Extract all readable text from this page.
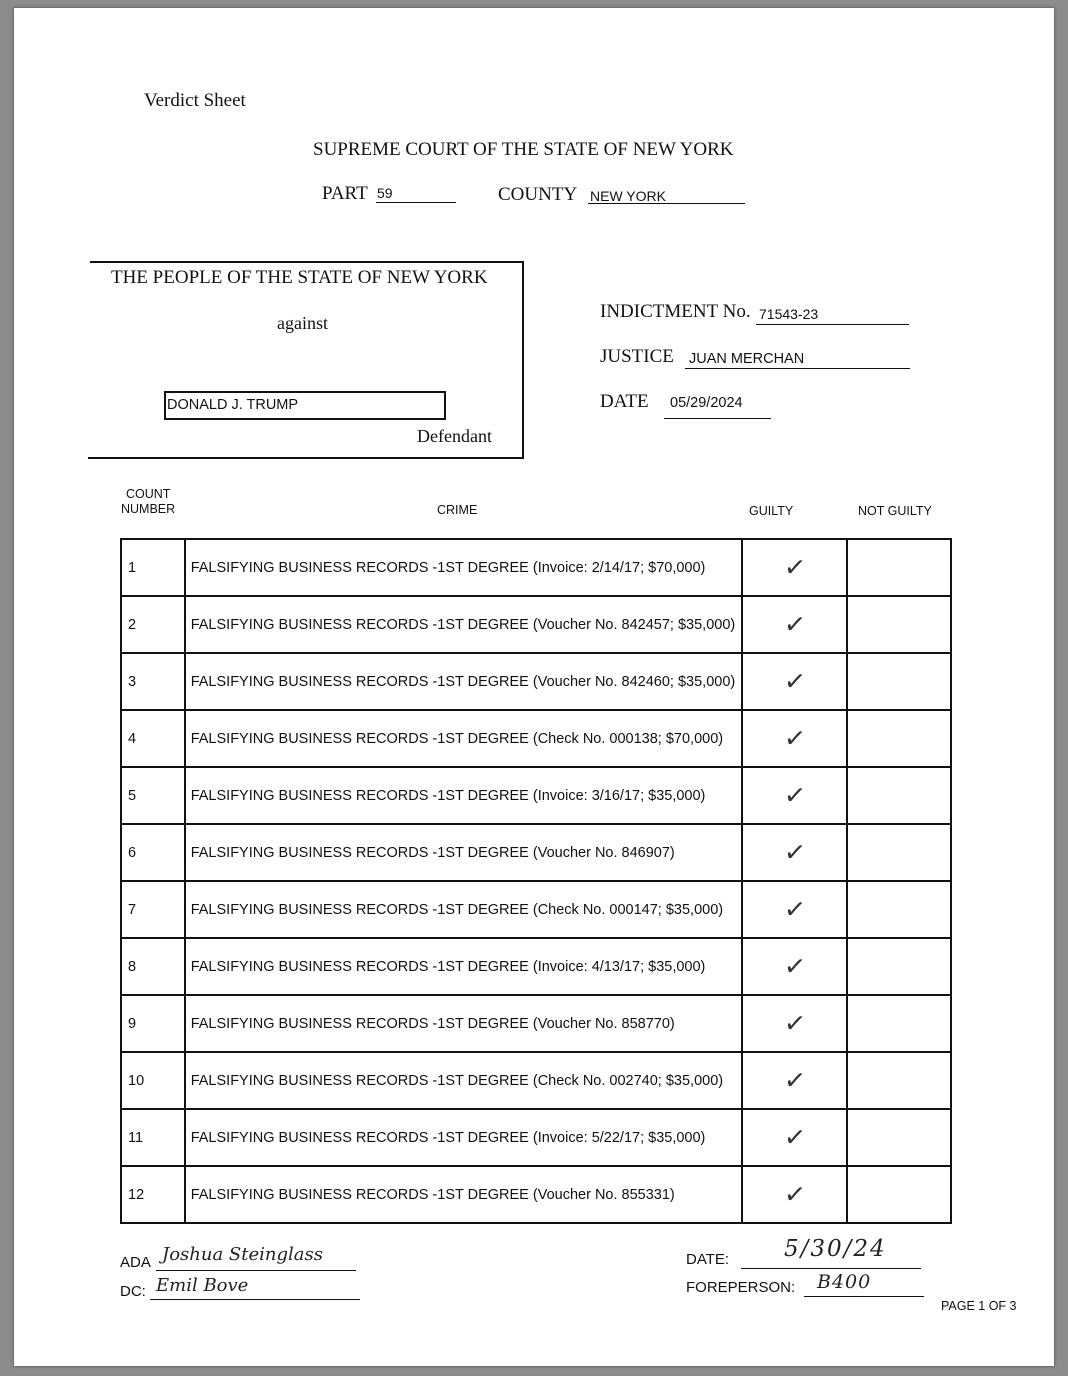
Verdict Sheet
SUPREME COURT OF THE STATE OF NEW YORK
PART 59	COUNTY NEW YORK
THE PEOPLE OF THE STATE OF NEW YORK
against
DONALD J. TRUMP
Defendant
INDICTMENT No. 71543-23
JUSTICE JUAN MERCHAN
DATE 05/29/2024
COUNT
NUMBER	CRIME	GUILTY	NOT GUILTY
1	FALSIFYING BUSINESS RECORDS -1ST DEGREE (Invoice: 2/14/17; $70,000)	✓	
2	FALSIFYING BUSINESS RECORDS -1ST DEGREE (Voucher No. 842457; $35,000)	✓	
3	FALSIFYING BUSINESS RECORDS -1ST DEGREE (Voucher No. 842460; $35,000)	✓	
4	FALSIFYING BUSINESS RECORDS -1ST DEGREE (Check No. 000138; $70,000)	✓	
5	FALSIFYING BUSINESS RECORDS -1ST DEGREE (Invoice: 3/16/17; $35,000)	✓	
6	FALSIFYING BUSINESS RECORDS -1ST DEGREE (Voucher No. 846907)	✓	
7	FALSIFYING BUSINESS RECORDS -1ST DEGREE (Check No. 000147; $35,000)	✓	
8	FALSIFYING BUSINESS RECORDS -1ST DEGREE (Invoice: 4/13/17; $35,000)	✓	
9	FALSIFYING BUSINESS RECORDS -1ST DEGREE (Voucher No. 858770)	✓	
10	FALSIFYING BUSINESS RECORDS -1ST DEGREE (Check No. 002740; $35,000)	✓	
11	FALSIFYING BUSINESS RECORDS -1ST DEGREE (Invoice: 5/22/17; $35,000)	✓	
12	FALSIFYING BUSINESS RECORDS -1ST DEGREE (Voucher No. 855331)	✓	
ADA Joshua Steinglass
DC: Emil Bove
DATE: 5/30/24
FOREPERSON: B400
PAGE 1 OF 3
